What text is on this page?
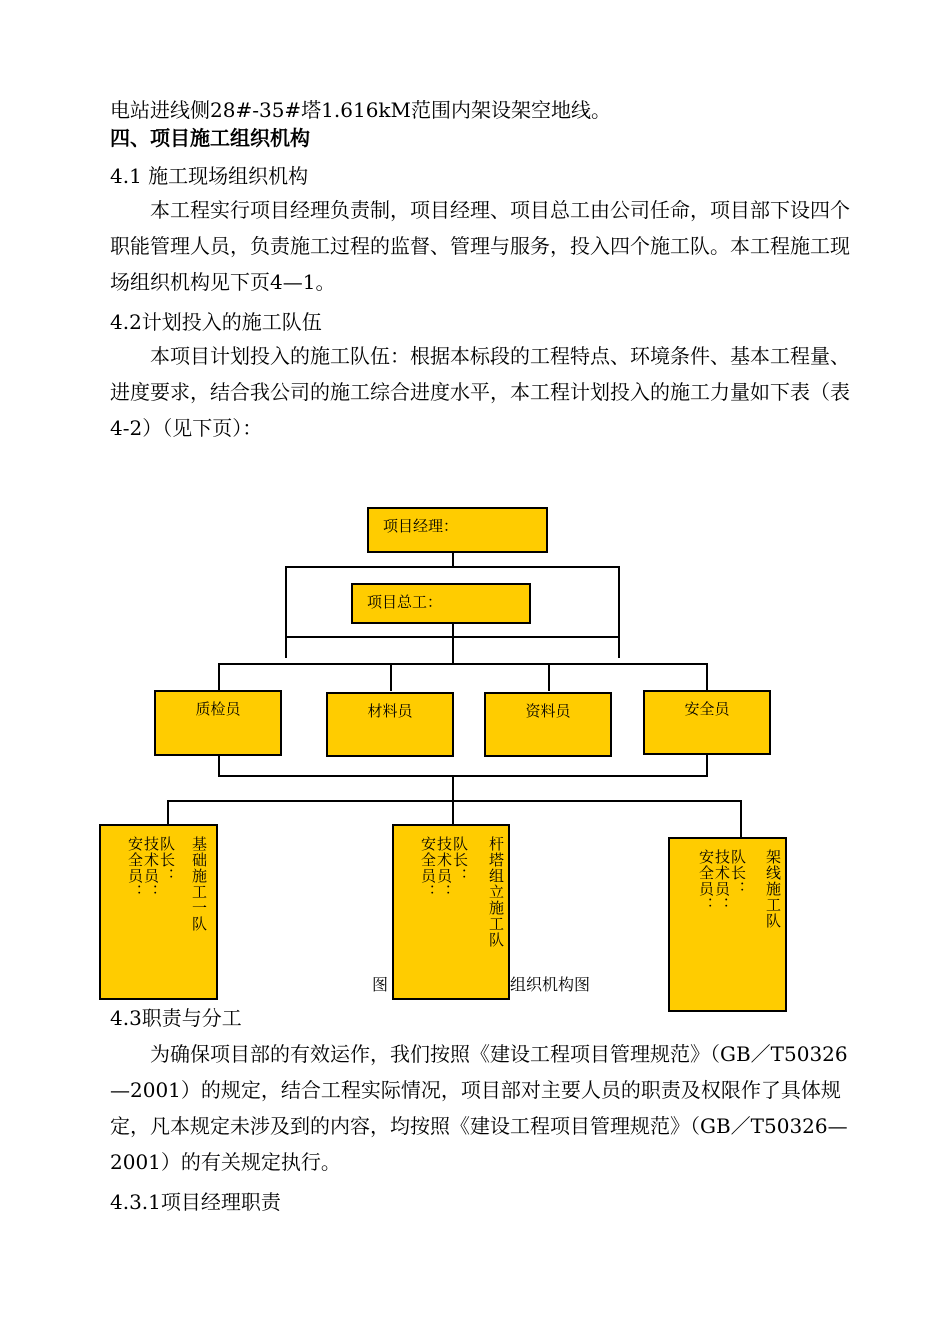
电站进线侧28#-35#塔1.616kM范围内架设架空地线。
四、项目施工组织机构
4.1 施工现场组织机构
本工程实行项目经理负责制，项目经理、项目总工由公司任命，项目部下设四个职能管理人员，负责施工过程的监督、管理与服务，投入四个施工队。本工程施工现场组织机构见下页4—1。
4.2计划投入的施工队伍
本项目计划投入的施工队伍：根据本标段的工程特点、环境条件、基本工程量、进度要求，结合我公司的施工综合进度水平，本工程计划投入的施工力量如下表（表4-2）（见下页）：
项目经理：
项目总工：
质检员	材料员	资料员	安全员
图	组织机构图
基础施工一队
队长：
技术员：
安全员：	杆塔组立施工队
队长：
技术员：
安全员：	架线施工队
队长：
技术员：
安全员：
4.3职责与分工
为确保项目部的有效运作，我们按照《建设工程项目管理规范》（GB／T50326—2001）的规定，结合工程实际情况，项目部对主要人员的职责及权限作了具体规定，凡本规定未涉及到的内容，均按照《建设工程项目管理规范》（GB／T50326—2001）的有关规定执行。
4.3.1项目经理职责
